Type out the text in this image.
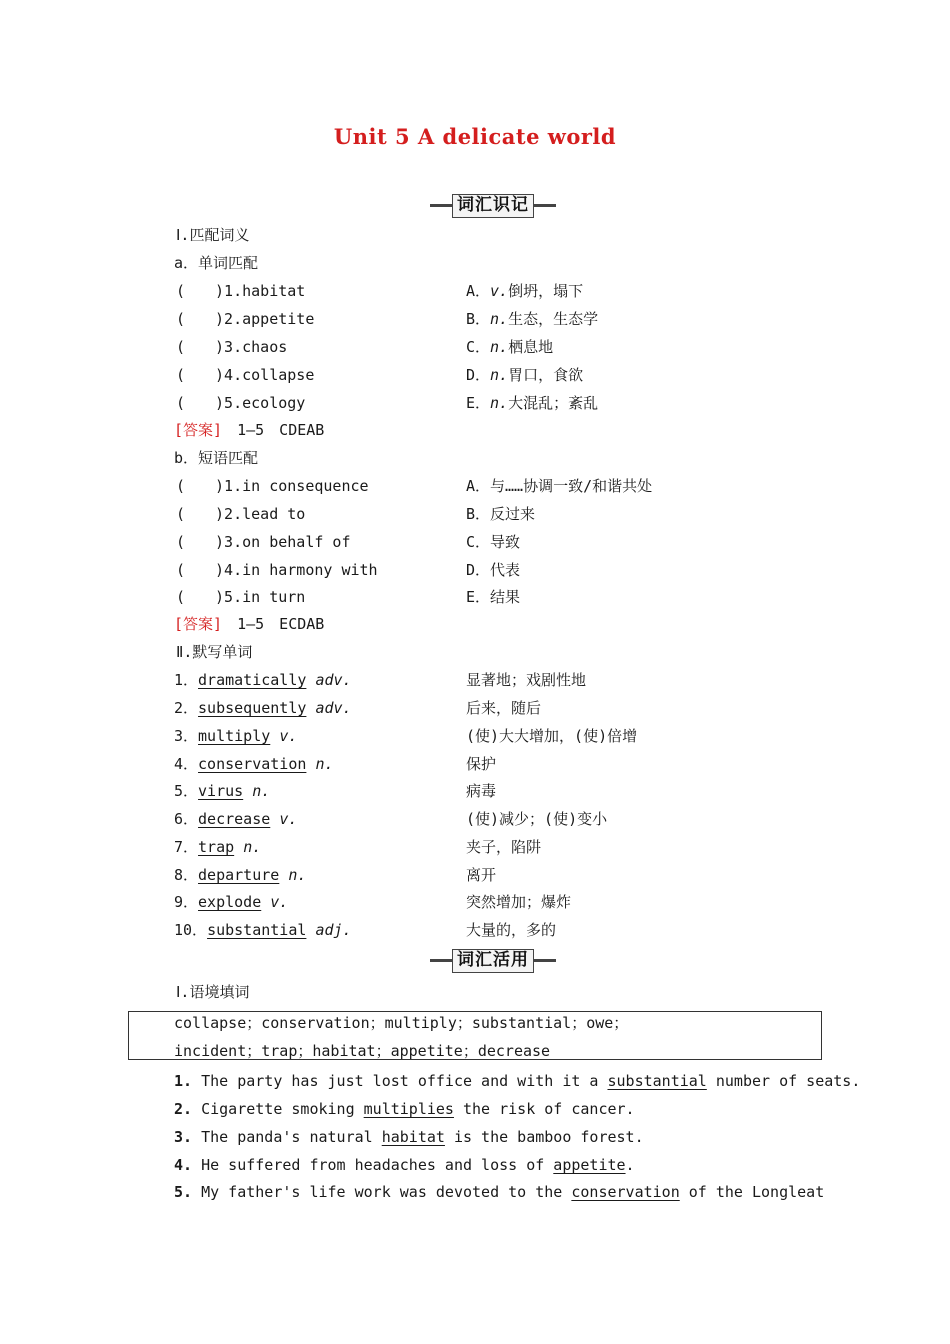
Unit 5 A delicate world
词汇识记
Ⅰ.匹配词义
a．单词匹配
(　　)1.habitat	A．v.倒坍，塌下
(　　)2.appetite	B．n.生态，生态学
(　　)3.chaos	C．n.栖息地
(　　)4.collapse	D．n.胃口，食欲
(　　)5.ecology	E．n.大混乱；紊乱
[答案]　 1—5　CDEAB
b．短语匹配
(　　)1.in consequence	A．与……协调一致/和谐共处
(　　)2.lead to	B．反过来
(　　)3.on behalf of	C．导致
(　　)4.in harmony with	D．代表
(　　)5.in turn	E．结果
[答案]　 1—5　ECDAB
Ⅱ.默写单词
1．dramatically adv.	显著地；戏剧性地
2．subsequently adv.	后来，随后
3．multiply v.	(使)大大增加，(使)倍增
4．conservation n.	保护
5．virus n.	病毒
6．decrease v.	(使)减少；(使)变小
7．trap n.	夹子，陷阱
8．departure n.	离开
9．explode v.	突然增加；爆炸
10．substantial adj.	大量的，多的
词汇活用
Ⅰ.语境填词
collapse；conservation；multiply；substantial；owe；
incident；trap；habitat；appetite；decrease
1. The party has just lost office and with it a substantial number of seats.
2. Cigarette smoking multiplies the risk of cancer.
3. The panda's natural habitat is the bamboo forest.
4. He suffered from headaches and loss of appetite.
5. My father's life work was devoted to the conservation of the Longleat
